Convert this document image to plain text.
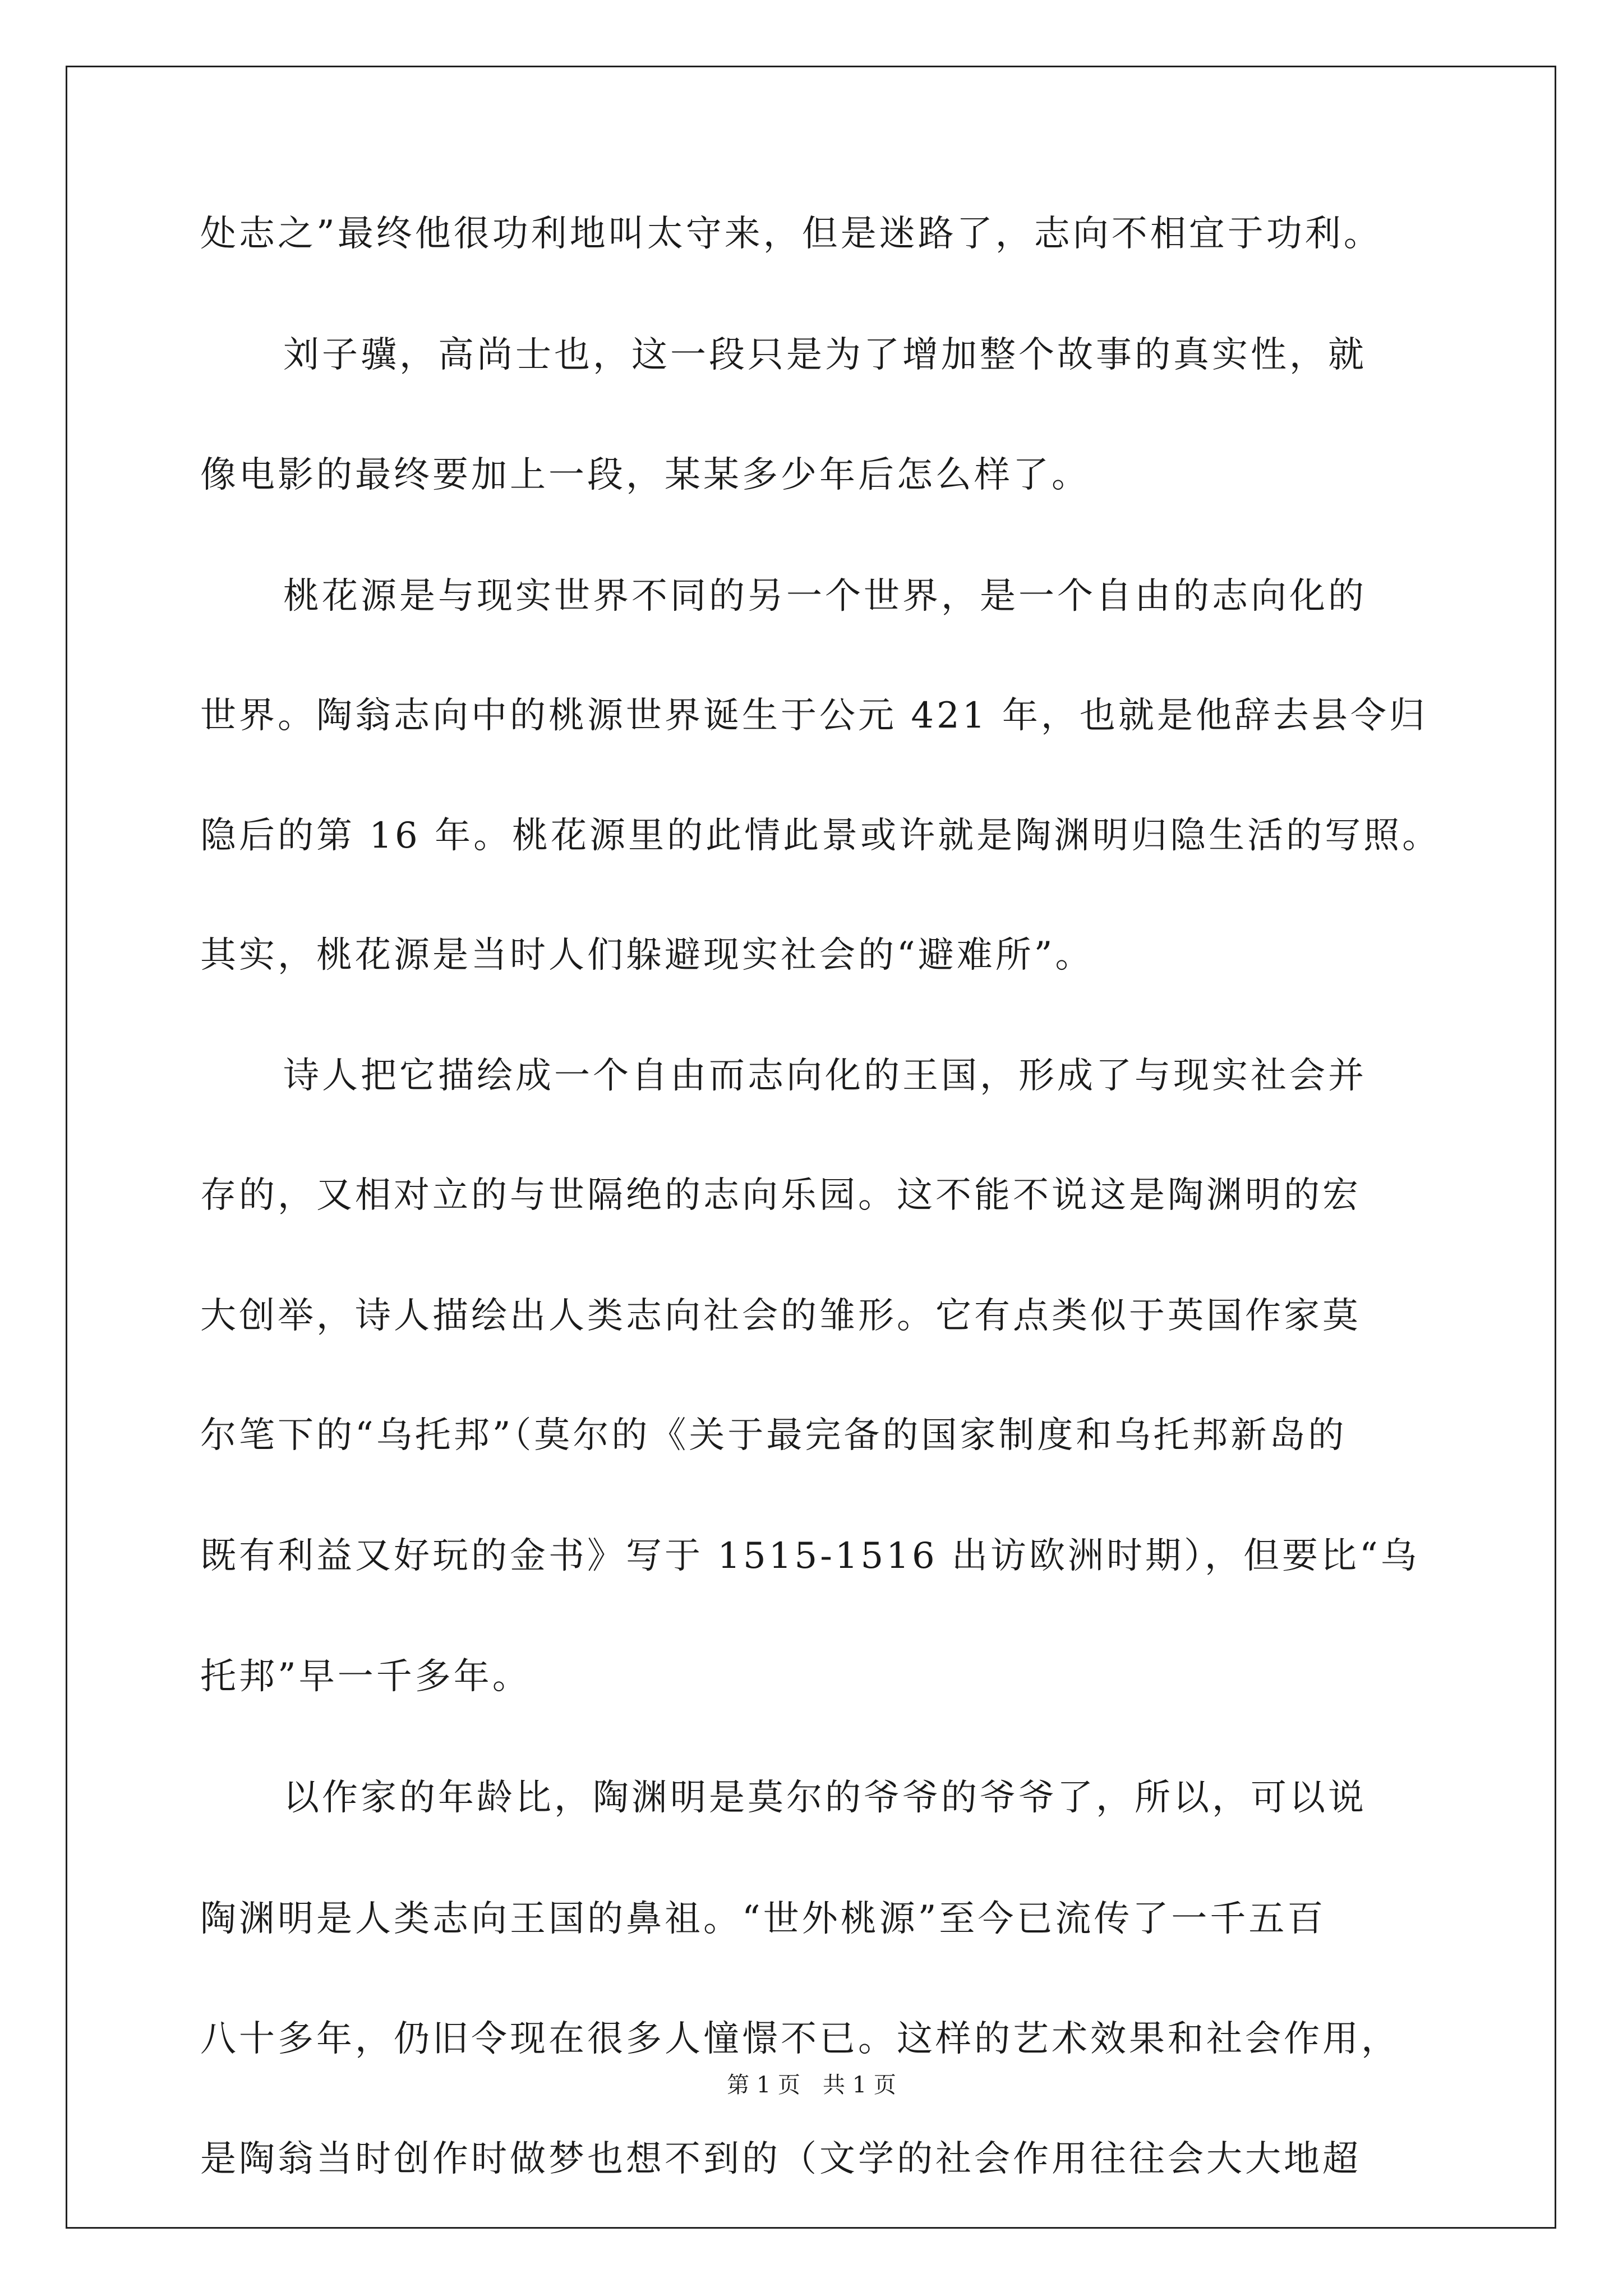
处志之”最终他很功利地叫太守来，但是迷路了，志向不相宜于功利。

刘子骥，高尚士也，这一段只是为了增加整个故事的真实性，就

像电影的最终要加上一段，某某多少年后怎么样了。

桃花源是与现实世界不同的另一个世界，是一个自由的志向化的

世界。陶翁志向中的桃源世界诞生于公元 421 年，也就是他辞去县令归

隐后的第 16 年。桃花源里的此情此景或许就是陶渊明归隐生活的写照。

其实，桃花源是当时人们躲避现实社会的“避难所”。

诗人把它描绘成一个自由而志向化的王国，形成了与现实社会并

存的，又相对立的与世隔绝的志向乐园。这不能不说这是陶渊明的宏

大创举，诗人描绘出人类志向社会的雏形。它有点类似于英国作家莫

尔笔下的“乌托邦”（莫尔的《关于最完备的国家制度和乌托邦新岛的

既有利益又好玩的金书》写于 1515-1516 出访欧洲时期），但要比“乌

托邦”早一千多年。

以作家的年龄比，陶渊明是莫尔的爷爷的爷爷了，所以，可以说

陶渊明是人类志向王国的鼻祖。“世外桃源”至今已流传了一千五百

八十多年，仍旧令现在很多人憧憬不已。这样的艺术效果和社会作用，

是陶翁当时创作时做梦也想不到的（文学的社会作用往往会大大地超

第 1 页 共 1 页
